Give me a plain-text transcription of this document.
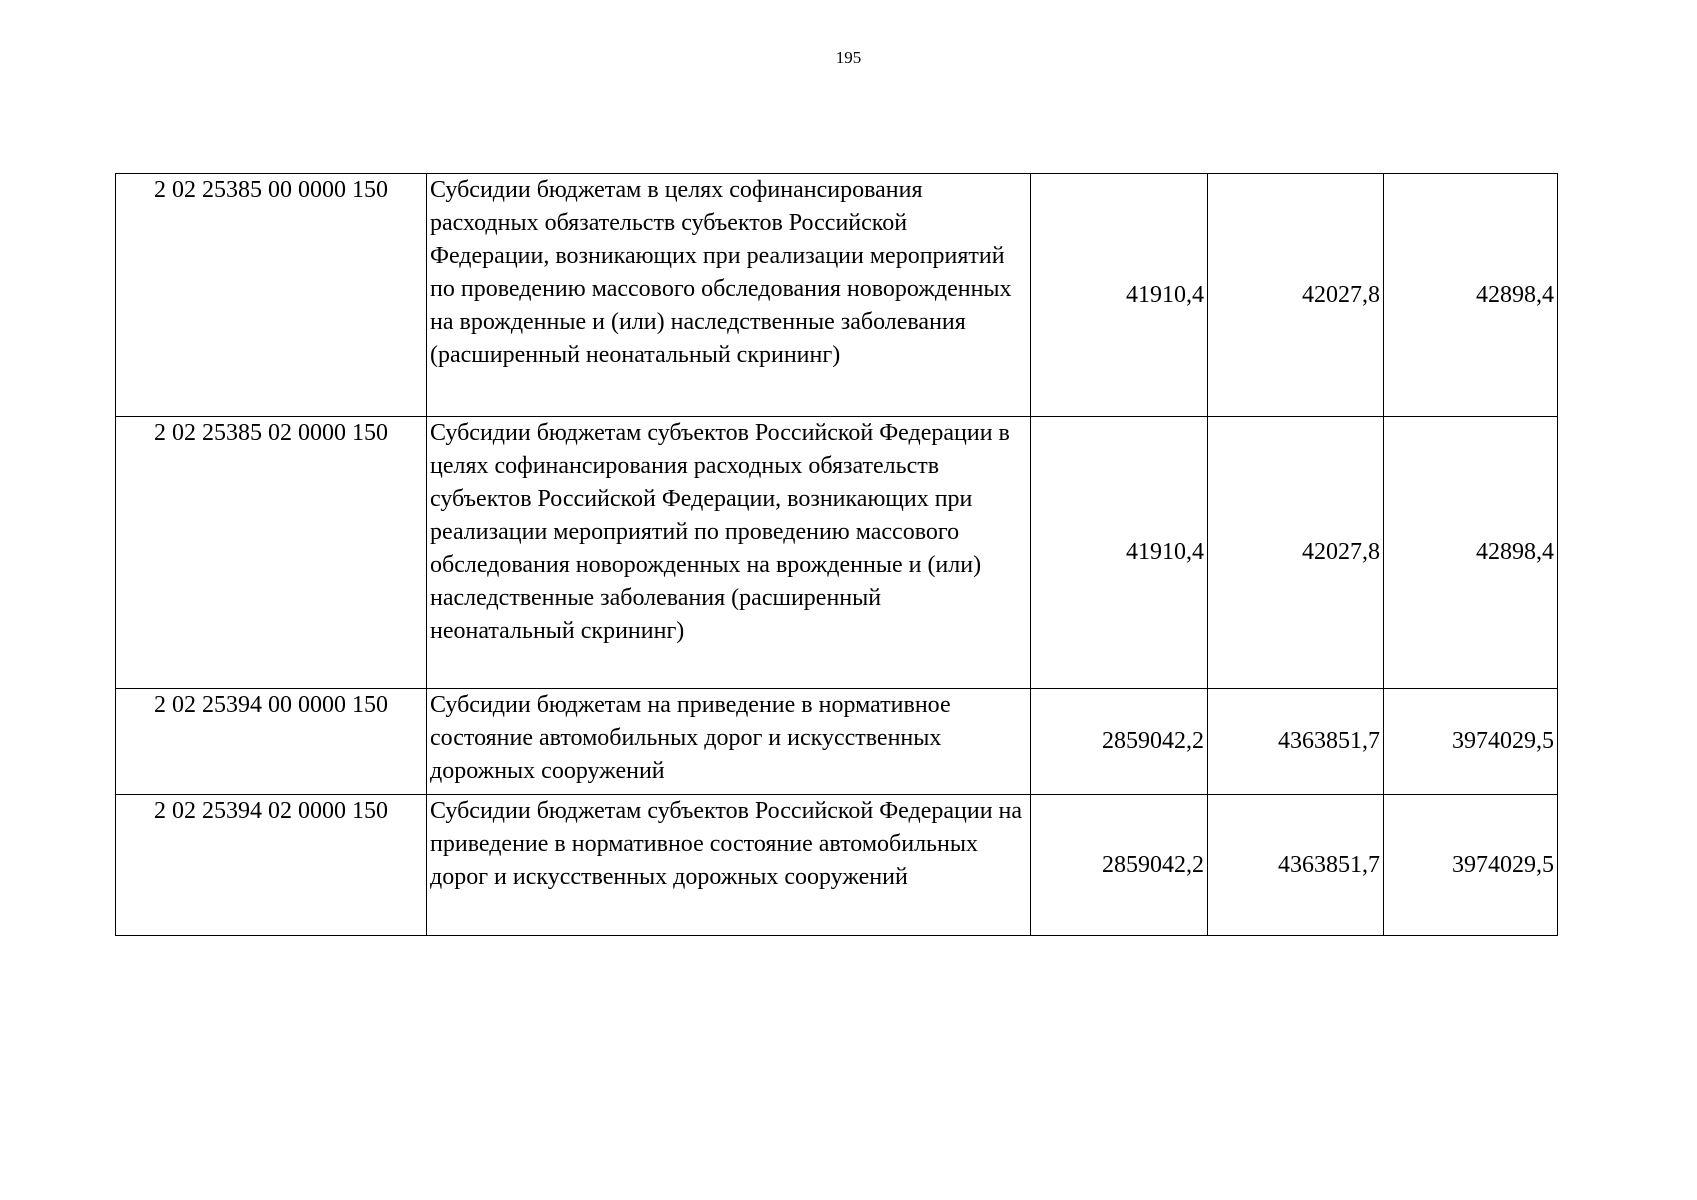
195
2 02 25385 00 0000 150	Субсидии бюджетам в целях софинансирования расходных обязательств субъектов Российской Федерации, возникающих при реализации мероприятий по проведению массового обследования новорожденных на врожденные и (или) наследственные заболевания (расширенный неонатальный скрининг)	41910,4	42027,8	42898,4
2 02 25385 02 0000 150	Субсидии бюджетам субъектов Российской Федерации в целях софинансирования расходных обязательств субъектов Российской Федерации, возникающих при реализации мероприятий по проведению массового обследования новорожденных на врожденные и (или) наследственные заболевания (расширенный неонатальный скрининг)	41910,4	42027,8	42898,4
2 02 25394 00 0000 150	Субсидии бюджетам на приведение в нормативное состояние автомобильных дорог и искусственных дорожных сооружений	2859042,2	4363851,7	3974029,5
2 02 25394 02 0000 150	Субсидии бюджетам субъектов Российской Федерации на приведение в нормативное состояние автомобильных дорог и искусственных дорожных сооружений	2859042,2	4363851,7	3974029,5
